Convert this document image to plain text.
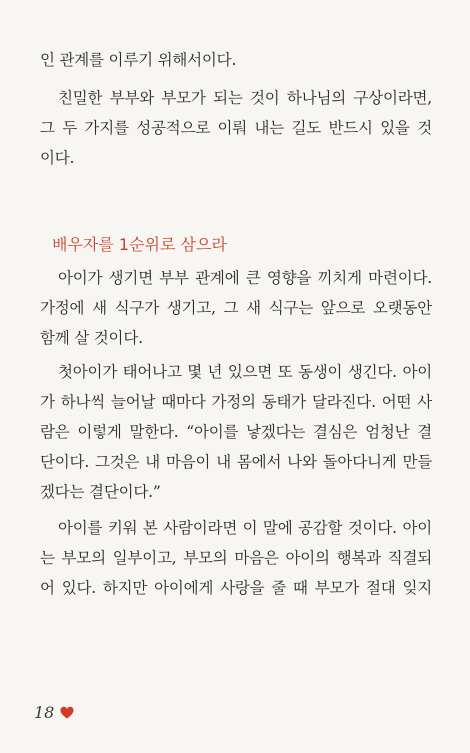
인 관계를 이루기 위해서이다.
친밀한 부부와 부모가 되는 것이 하나님의 구상이라면,
그 두 가지를 성공적으로 이뤄 내는 길도 반드시 있을 것
이다.
아이가 생기면 부부 관계에 큰 영향을 끼치게 마련이다.
가정에 새 식구가 생기고, 그 새 식구는 앞으로 오랫동안
함께 살 것이다.
첫아이가 태어나고 몇 년 있으면 또 동생이 생긴다. 아이
가 하나씩 늘어날 때마다 가정의 동태가 달라진다. 어떤 사
람은 이렇게 말한다. “아이를 낳겠다는 결심은 엄청난 결
단이다. 그것은 내 마음이 내 몸에서 나와 돌아다니게 만들
겠다는 결단이다.”
아이를 키워 본 사람이라면 이 말에 공감할 것이다. 아이
는 부모의 일부이고, 부모의 마음은 아이의 행복과 직결되
어 있다. 하지만 아이에게 사랑을 줄 때 부모가 절대 잊지
배우자를 1순위로 삼으라
18
